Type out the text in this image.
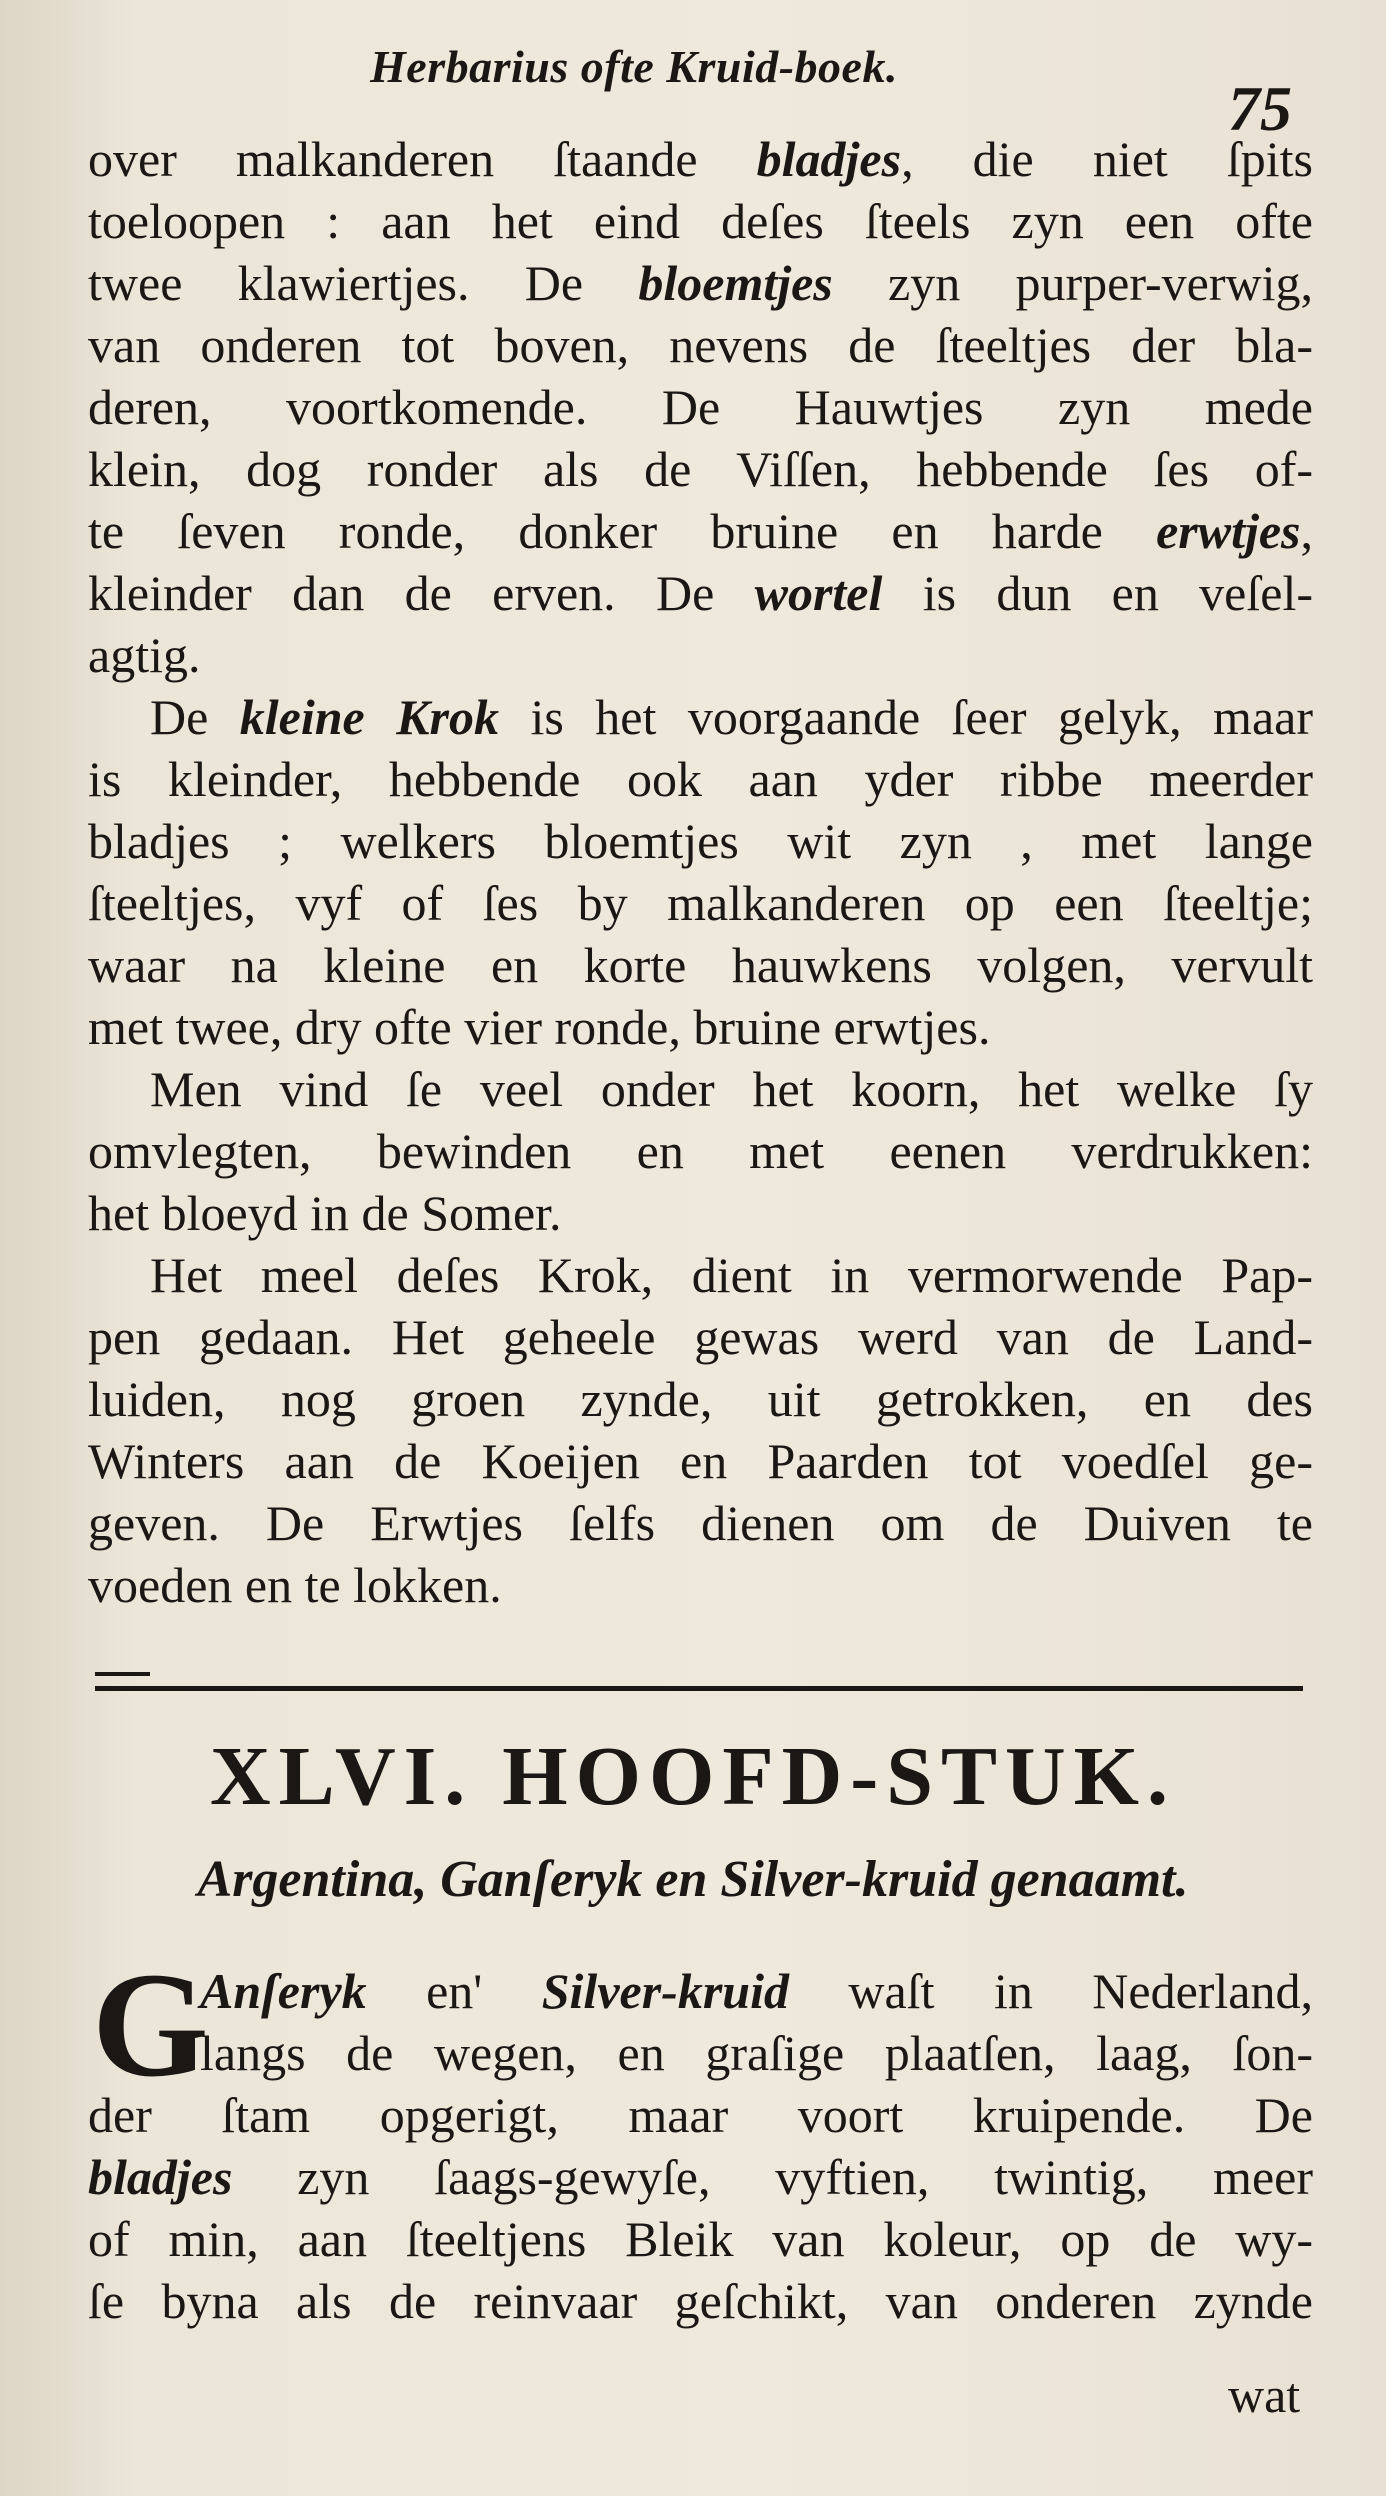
Herbarius ofte Kruid-boek.
75
over malkanderen ſtaande bladjes, die niet ſpits
toeloopen : aan het eind deſes ſteels zyn een ofte
twee klawiertjes. De bloemtjes zyn purper-verwig,
van onderen tot boven, nevens de ſteeltjes der bla-
deren, voortkomende. De Hauwtjes zyn mede
klein, dog ronder als de Viſſen, hebbende ſes of-
te ſeven ronde, donker bruine en harde erwtjes,
kleinder dan de erven. De wortel is dun en veſel-
agtig.
De kleine Krok is het voorgaande ſeer gelyk, maar
is kleinder, hebbende ook aan yder ribbe meerder
bladjes ; welkers bloemtjes wit zyn , met lange
ſteeltjes, vyf of ſes by malkanderen op een ſteeltje;
waar na kleine en korte hauwkens volgen, vervult
met twee, dry ofte vier ronde, bruine erwtjes.
Men vind ſe veel onder het koorn, het welke ſy
omvlegten, bewinden en met eenen verdrukken:
het bloeyd in de Somer.
Het meel deſes Krok, dient in vermorwende Pap-
pen gedaan. Het geheele gewas werd van de Land-
luiden, nog groen zynde, uit getrokken, en des
Winters aan de Koeijen en Paarden tot voedſel ge-
geven. De Erwtjes ſelfs dienen om de Duiven te
voeden en te lokken.
XLVI. HOOFD-STUK.
Argentina, Ganſeryk en Silver-kruid genaamt.
G
Anſeryk en' Silver-kruid waſt in Nederland,
langs de wegen, en graſige plaatſen, laag, ſon-
der ſtam opgerigt, maar voort kruipende. De
bladjes zyn ſaags-gewyſe, vyftien, twintig, meer
of min, aan ſteeltjens Bleik van koleur, op de wy-
ſe byna als de reinvaar geſchikt, van onderen zynde
wat
